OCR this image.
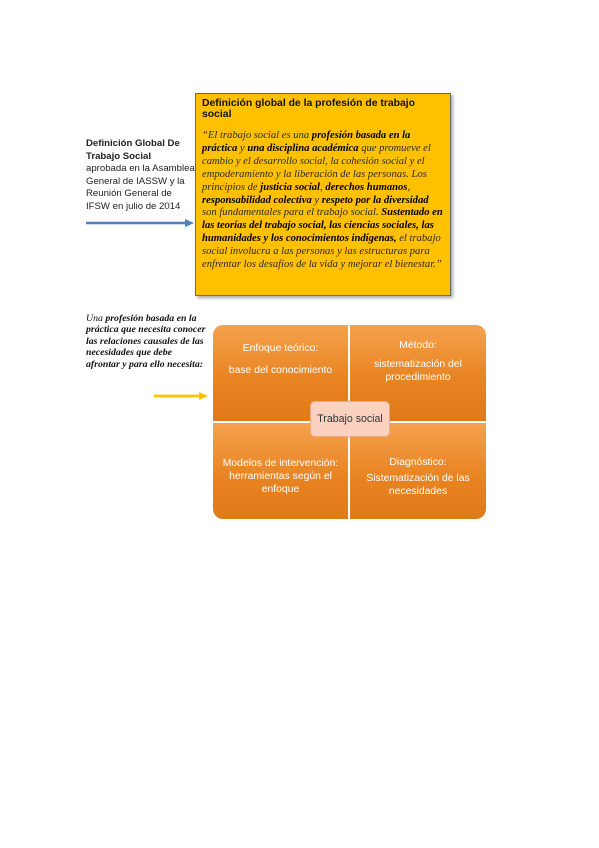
Definición Global De Trabajo Social
aprobada en la Asamblea General de IASSW y la Reunión General de IFSW en julio de 2014

Definición global de la profesión de trabajo social

“El trabajo social es una profesión basada en la práctica y una disciplina académica que promueve el cambio y el desarrollo social, la cohesión social y el empoderamiento y la liberación de las personas. Los principios de justicia social, derechos humanos, responsabilidad colectiva y respeto por la diversidad son fundamentales para el trabajo social. Sustentado en las teorías del trabajo social, las ciencias sociales, las humanidades y los conocimientos indígenas, el trabajo social involucra a las personas y las estructuras para enfrentar los desafíos de la vida y mejorar el bienestar.”

Una profesión basada en la práctica que necesita conocer las relaciones causales de las necesidades que debe afrontar y para ello necesita:
Enfoque teórico:
base del conocimiento
Método:
sistematización del procedimiento
Modelos de intervención: herramientas según el enfoque
Diagnóstico:
Sistematización de las necesidades
Trabajo social
